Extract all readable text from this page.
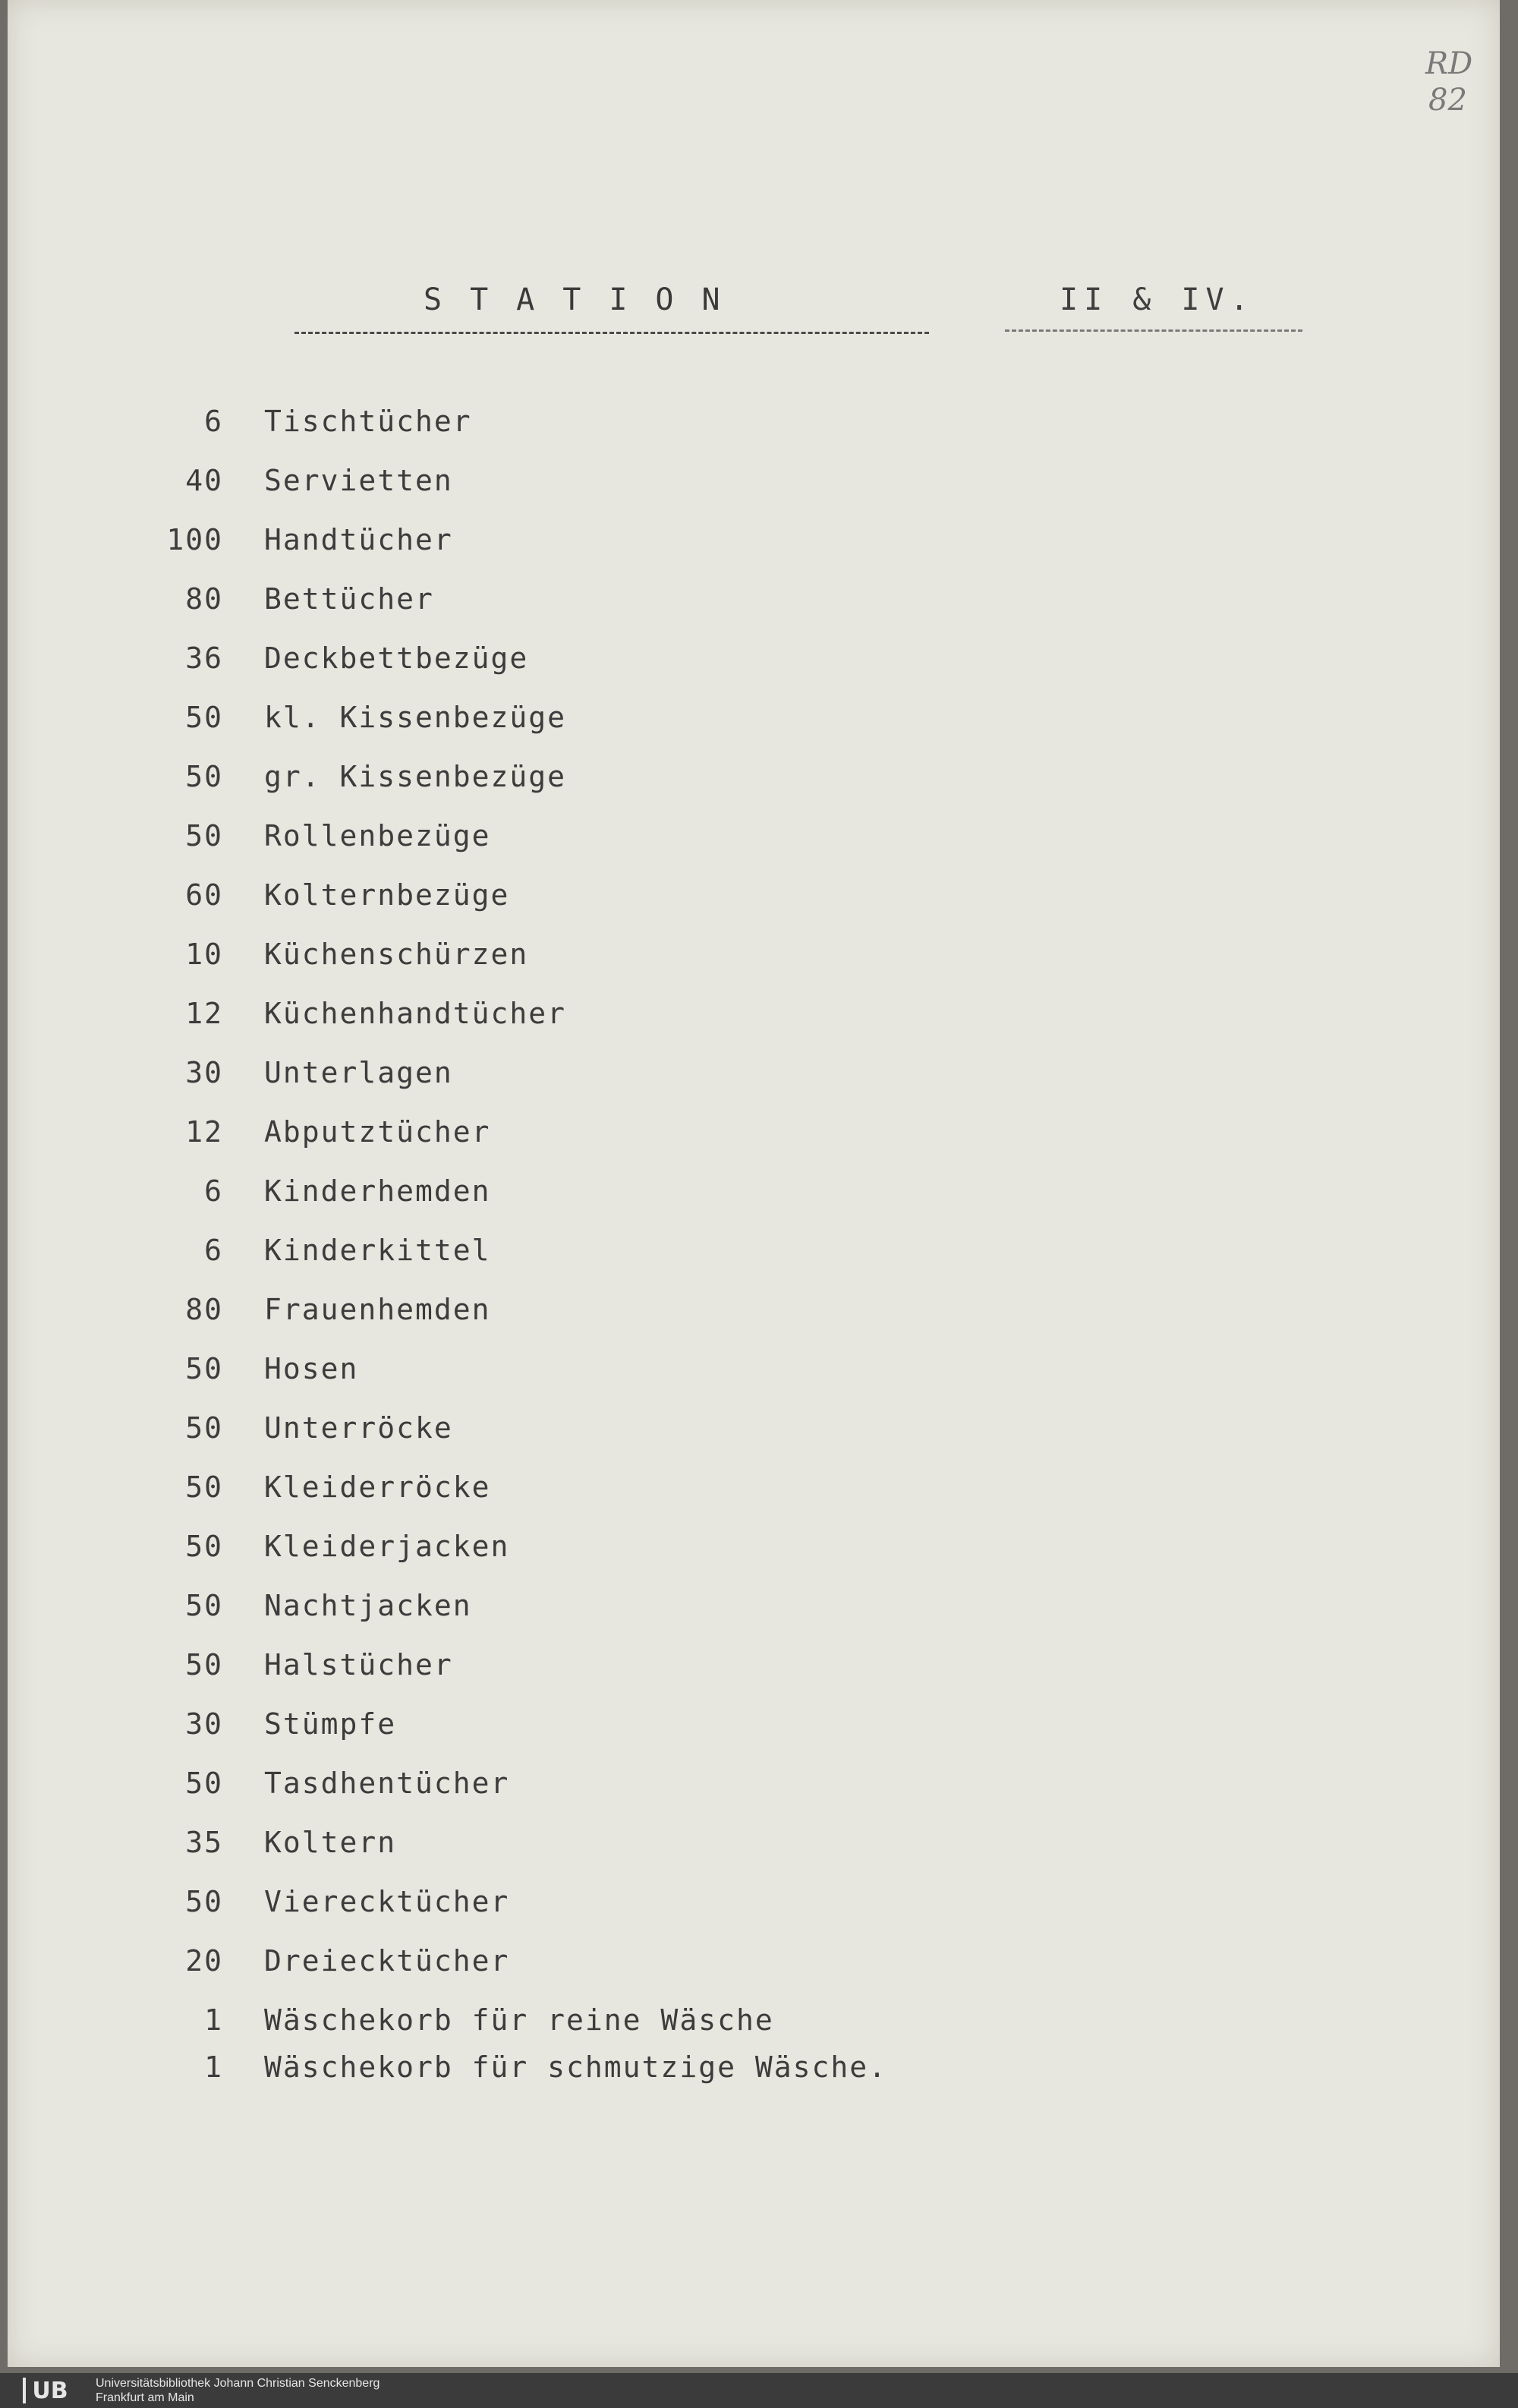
RD
82
STATION	II & IV.
6 Tischtücher
40 Servietten
100 Handtücher
80 Bettücher
36 Deckbettbezüge
50 kl. Kissenbezüge
50 gr. Kissenbezüge
50 Rollenbezüge
60 Kolternbezüge
10 Küchenschürzen
12 Küchenhandtücher
30 Unterlagen
12 Abputztücher
6 Kinderhemden
6 Kinderkittel
80 Frauenhemden
50 Hosen
50 Unterröcke
50 Kleiderröcke
50 Kleiderjacken
50 Nachtjacken
50 Halstücher
30 Stümpfe
50 Tasdhentücher
35 Koltern
50 Vierecktücher
20 Dreiecktücher
1 Wäschekorb für reine Wäsche
1 Wäschekorb für schmutzige Wäsche.
UB Universitätsbibliothek Johann Christian Senckenberg
Frankfurt am Main
